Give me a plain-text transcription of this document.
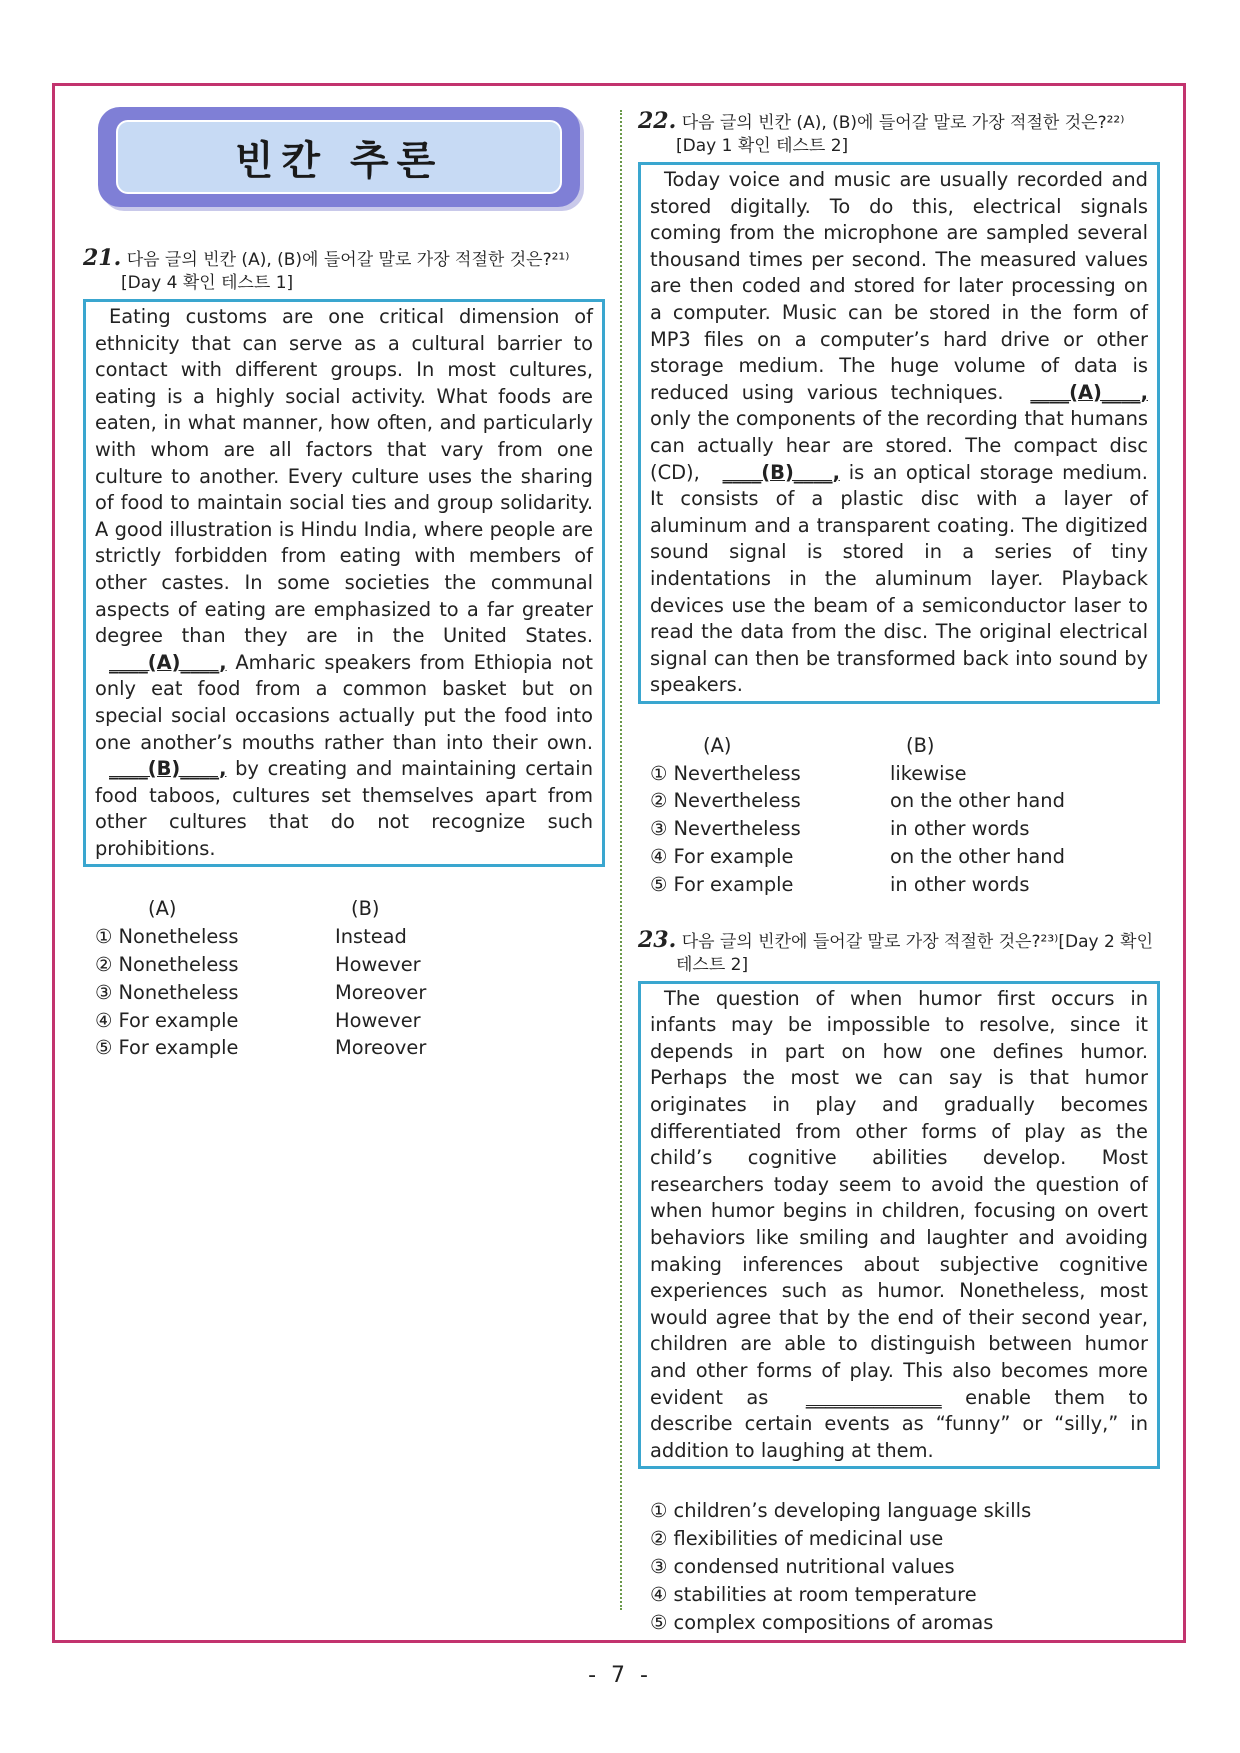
빈칸 추론
21. 다음 글의 빈칸 (A), (B)에 들어갈 말로 가장 적절한 것은?²¹⁾[Day 4 확인 테스트 1]

Eating customs are one critical dimension of ethnicity that can serve as a cultural barrier to contact with different groups. In most cultures, eating is a highly social activity. What foods are eaten, in what manner, how often, and particularly with whom are all factors that vary from one culture to another. Every culture uses the sharing of food to maintain social ties and group solidarity. A good illustration is Hindu India, where people are strictly forbidden from eating with members of other castes. In some societies the communal aspects of eating are emphasized to a far greater degree than they are in the United States. ____(A)____, Amharic speakers from Ethiopia not only eat food from a common basket but on special social occasions actually put the food into one another’s mouths rather than into their own. ____(B)____, by creating and maintaining certain food taboos, cultures set themselves apart from other cultures that do not recognize such prohibitions.

(A)	(B)
① Nonetheless	Instead
② Nonetheless	However
③ Nonetheless	Moreover
④ For example	However
⑤ For example	Moreover
22. 다음 글의 빈칸 (A), (B)에 들어갈 말로 가장 적절한 것은?²²⁾[Day 1 확인 테스트 2]

Today voice and music are usually recorded and stored digitally. To do this, electrical signals coming from the microphone are sampled several thousand times per second. The measured values are then coded and stored for later processing on a computer. Music can be stored in the form of MP3 files on a computer’s hard drive or other storage medium. The huge volume of data is reduced using various techniques. ____(A)____, only the components of the recording that humans can actually hear are stored. The compact disc (CD), ____(B)____, is an optical storage medium. It consists of a plastic disc with a layer of aluminum and a transparent coating. The digitized sound signal is stored in a series of tiny indentations in the aluminum layer. Playback devices use the beam of a semiconductor laser to read the data from the disc. The original electrical signal can then be transformed back into sound by speakers.

(A)	(B)
① Nevertheless	likewise
② Nevertheless	on the other hand
③ Nevertheless	in other words
④ For example	on the other hand
⑤ For example	in other words
23. 다음 글의 빈칸에 들어갈 말로 가장 적절한 것은?²³⁾[Day 2 확인 테스트 2]

The question of when humor first occurs in infants may be impossible to resolve, since it depends in part on how one defines humor. Perhaps the most we can say is that humor originates in play and gradually becomes differentiated from other forms of play as the child’s cognitive abilities develop. Most researchers today seem to avoid the question of when humor begins in children, focusing on overt behaviors like smiling and laughter and avoiding making inferences about subjective cognitive experiences such as humor. Nonetheless, most would agree that by the end of their second year, children are able to distinguish between humor and other forms of play. This also becomes more evident as ______________ enable them to describe certain events as “funny” or “silly,” in addition to laughing at them.

① children’s developing language skills
② flexibilities of medicinal use
③ condensed nutritional values
④ stabilities at room temperature
⑤ complex compositions of aromas
- 7 -
